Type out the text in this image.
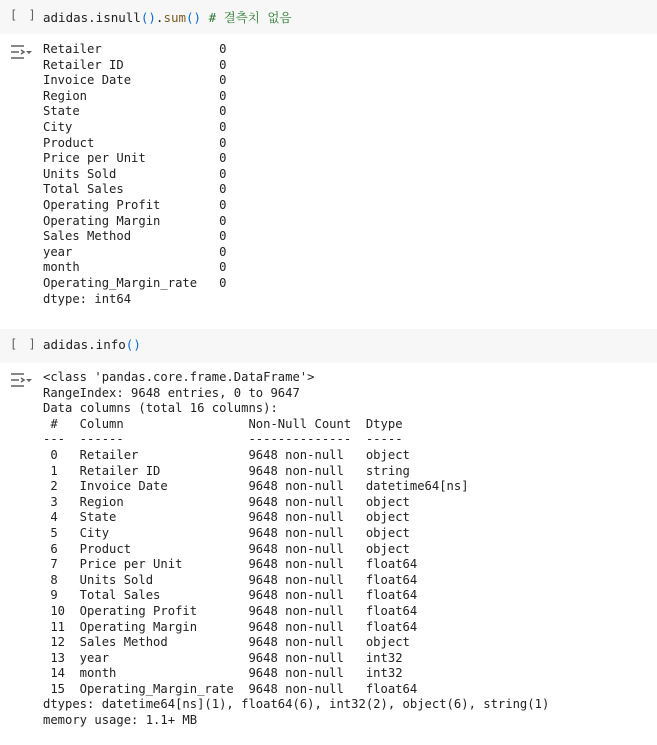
[ ] adidas.isnull().sum() # 결측치 없음
Retailer                0
Retailer ID             0
Invoice Date            0
Region                  0
State                   0
City                    0
Product                 0
Price per Unit          0
Units Sold              0
Total Sales             0
Operating Profit        0
Operating Margin        0
Sales Method            0
year                    0
month                   0
Operating_Margin_rate   0
dtype: int64
[ ] adidas.info()
<class 'pandas.core.frame.DataFrame'>
RangeIndex: 9648 entries, 0 to 9647
Data columns (total 16 columns):
#   Column                 Non-Null Count  Dtype
---  ------                 --------------  -----
0   Retailer               9648 non-null   object
1   Retailer ID            9648 non-null   string
2   Invoice Date           9648 non-null   datetime64[ns]
3   Region                 9648 non-null   object
4   State                  9648 non-null   object
5   City                   9648 non-null   object
6   Product                9648 non-null   object
7   Price per Unit         9648 non-null   float64
8   Units Sold             9648 non-null   float64
9   Total Sales            9648 non-null   float64
10  Operating Profit       9648 non-null   float64
11  Operating Margin       9648 non-null   float64
12  Sales Method           9648 non-null   object
13  year                   9648 non-null   int32
14  month                  9648 non-null   int32
15  Operating_Margin_rate  9648 non-null   float64
dtypes: datetime64[ns](1), float64(6), int32(2), object(6), string(1)
memory usage: 1.1+ MB
